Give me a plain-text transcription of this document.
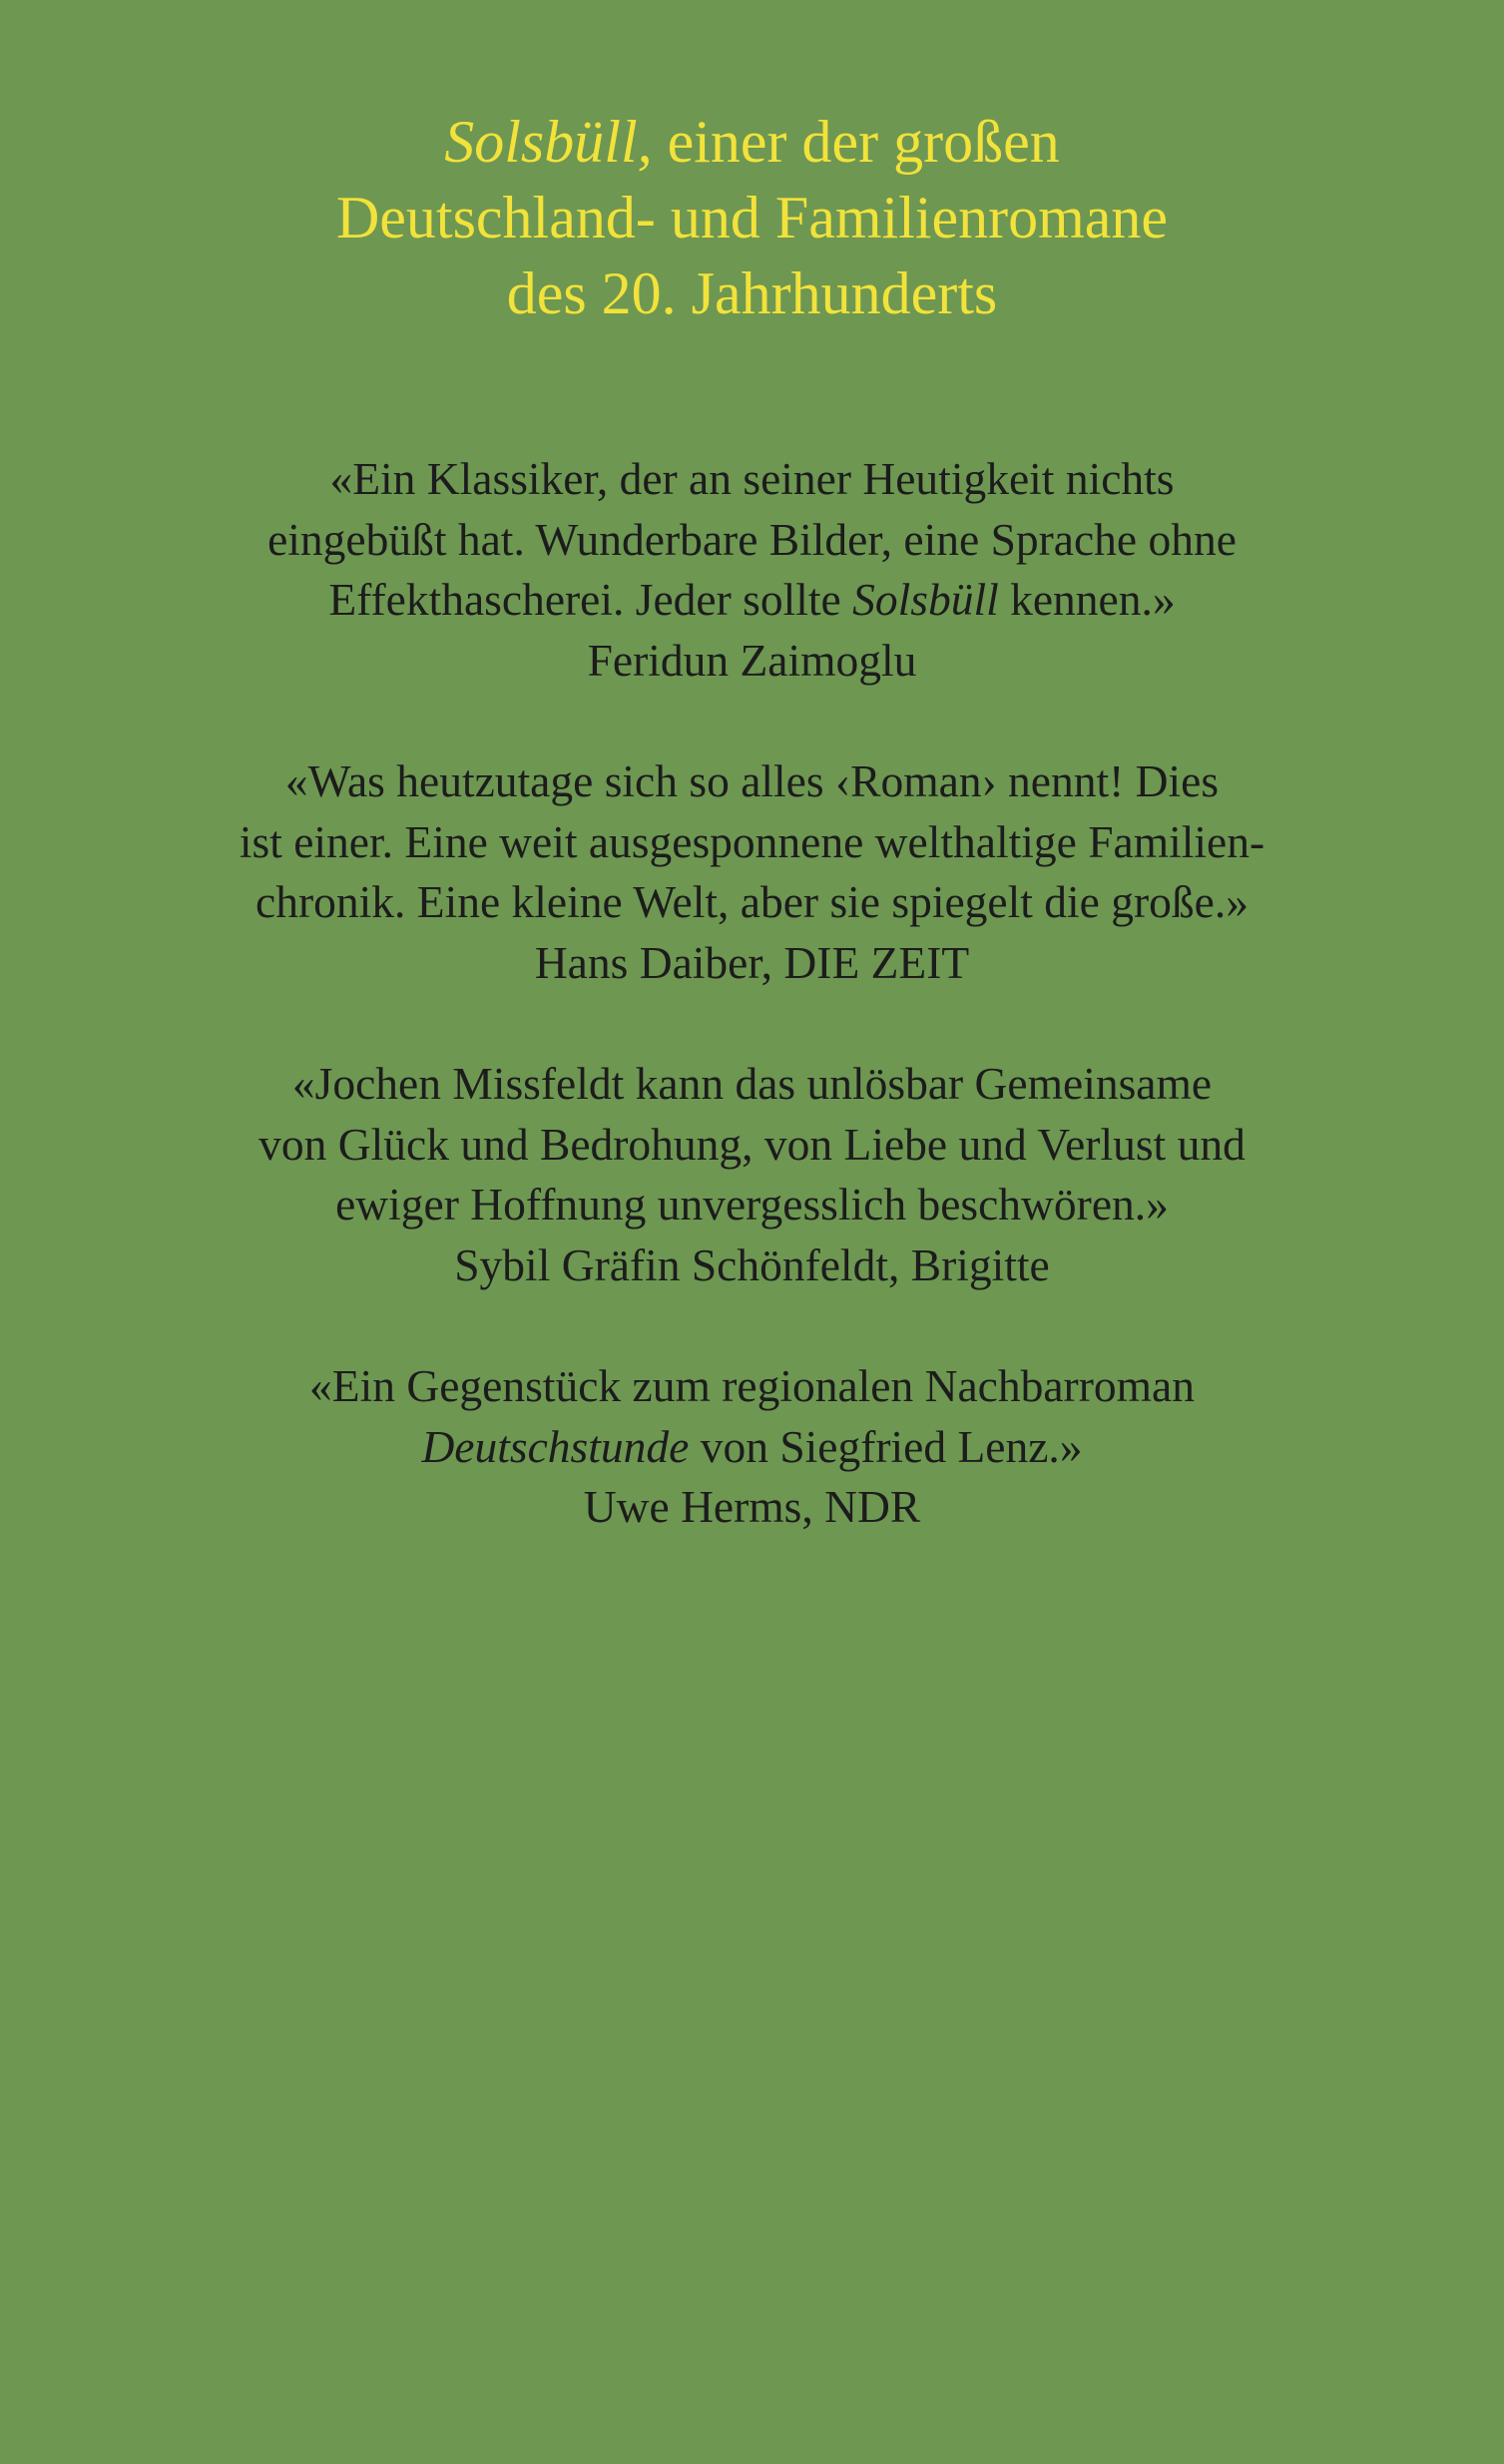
Solsbüll, einer der großen
Deutschland- und Familienromane
des 20. Jahrhunderts
«Ein Klassiker, der an seiner Heutigkeit nichts
eingebüßt hat. Wunderbare Bilder, eine Sprache ohne
Effekthascherei. Jeder sollte Solsbüll kennen.»
Feridun Zaimoglu
«Was heutzutage sich so alles ‹Roman› nennt! Dies
ist einer. Eine weit ausgesponnene welthaltige Familien-
chronik. Eine kleine Welt, aber sie spiegelt die große.»
Hans Daiber, DIE ZEIT
«Jochen Missfeldt kann das unlösbar Gemeinsame
von Glück und Bedrohung, von Liebe und Verlust und
ewiger Hoffnung unvergesslich beschwören.»
Sybil Gräfin Schönfeldt, Brigitte
«Ein Gegenstück zum regionalen Nachbarroman
Deutschstunde von Siegfried Lenz.»
Uwe Herms, NDR
